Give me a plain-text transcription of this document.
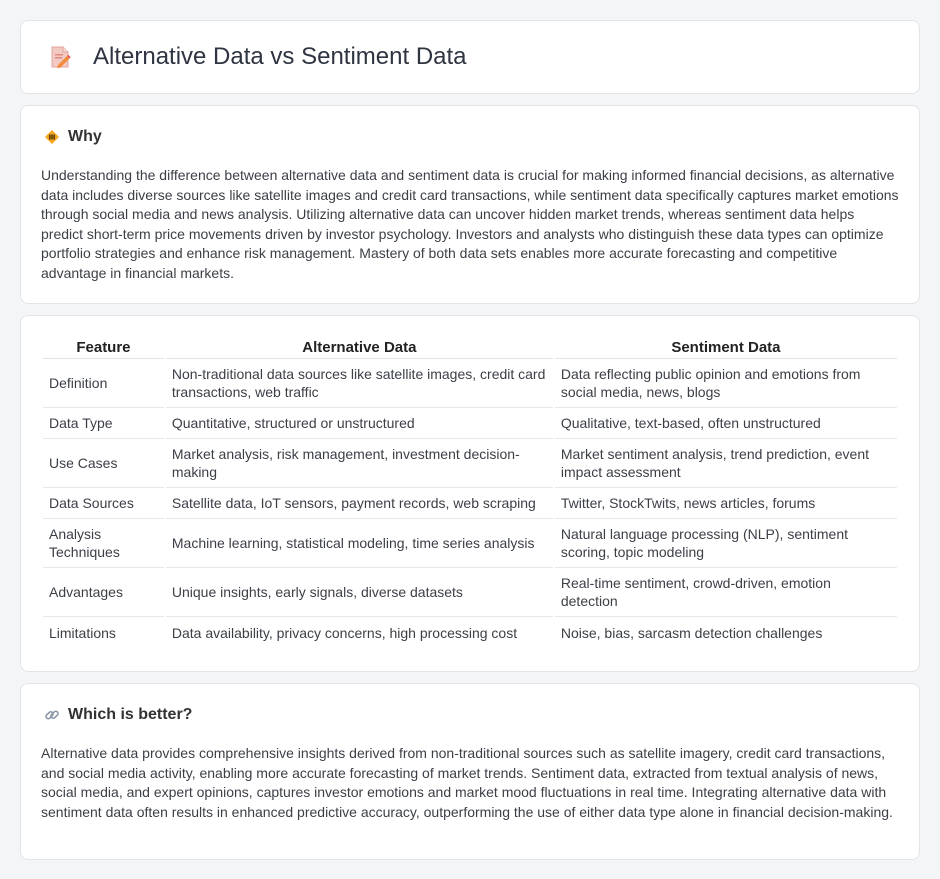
Alternative Data vs Sentiment Data
Why

Understanding the difference between alternative data and sentiment data is crucial for making informed financial decisions, as alternative data includes diverse sources like satellite images and credit card transactions, while sentiment data specifically captures market emotions through social media and news analysis. Utilizing alternative data can uncover hidden market trends, whereas sentiment data helps predict short-term price movements driven by investor psychology. Investors and analysts who distinguish these data types can optimize portfolio strategies and enhance risk management. Mastery of both data sets enables more accurate forecasting and competitive advantage in financial markets.

Feature	Alternative Data	Sentiment Data
Definition	Non-traditional data sources like satellite images, credit card transactions, web traffic	Data reflecting public opinion and emotions from social media, news, blogs
Data Type	Quantitative, structured or unstructured	Qualitative, text-based, often unstructured
Use Cases	Market analysis, risk management, investment decision-making	Market sentiment analysis, trend prediction, event impact assessment
Data Sources	Satellite data, IoT sensors, payment records, web scraping	Twitter, StockTwits, news articles, forums
Analysis Techniques	Machine learning, statistical modeling, time series analysis	Natural language processing (NLP), sentiment scoring, topic modeling
Advantages	Unique insights, early signals, diverse datasets	Real-time sentiment, crowd-driven, emotion detection
Limitations	Data availability, privacy concerns, high processing cost	Noise, bias, sarcasm detection challenges
Which is better?

Alternative data provides comprehensive insights derived from non-traditional sources such as satellite imagery, credit card transactions, and social media activity, enabling more accurate forecasting of market trends. Sentiment data, extracted from textual analysis of news, social media, and expert opinions, captures investor emotions and market mood fluctuations in real time. Integrating alternative data with sentiment data often results in enhanced predictive accuracy, outperforming the use of either data type alone in financial decision-making.
